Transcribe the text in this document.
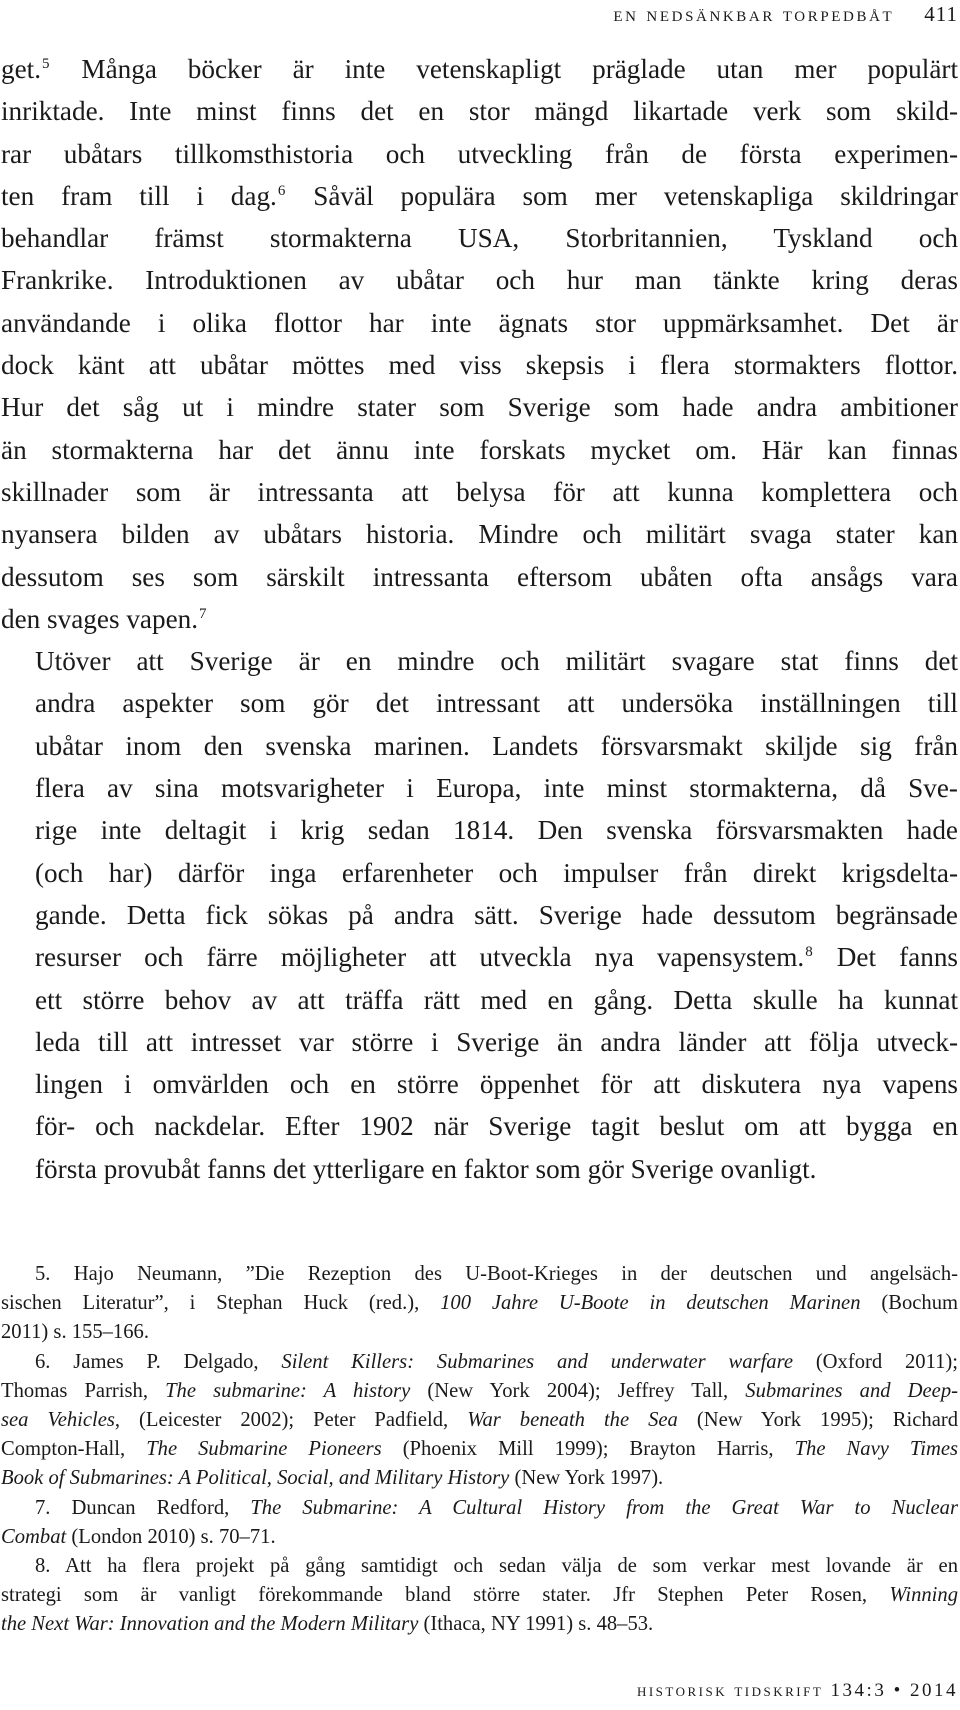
en nedsänkbar torpedbåt 411

get.$^5$ Många böcker är inte vetenskapligt präglade utan mer populärt
inriktade. Inte minst finns det en stor mängd likartade verk som skild-
rar ubåtars tillkomsthistoria och utveckling från de första experimen-
ten fram till i dag.$^6$ Såväl populära som mer vetenskapliga skildringar
behandlar främst stormakterna USA, Storbritannien, Tyskland och
Frankrike. Introduktionen av ubåtar och hur man tänkte kring deras
användande i olika flottor har inte ägnats stor uppmärksamhet. Det är
dock känt att ubåtar möttes med viss skepsis i flera stormakters flottor.
Hur det såg ut i mindre stater som Sverige som hade andra ambitioner
än stormakterna har det ännu inte forskats mycket om. Här kan finnas
skillnader som är intressanta att belysa för att kunna komplettera och
nyansera bilden av ubåtars historia. Mindre och militärt svaga stater kan
dessutom ses som särskilt intressanta eftersom ubåten ofta ansågs vara
den svages vapen.$^7$

Utöver att Sverige är en mindre och militärt svagare stat finns det
andra aspekter som gör det intressant att undersöka inställningen till
ubåtar inom den svenska marinen. Landets försvarsmakt skiljde sig från
flera av sina motsvarigheter i Europa, inte minst stormakterna, då Sve-
rige inte deltagit i krig sedan 1814. Den svenska försvarsmakten hade
(och har) därför inga erfarenheter och impulser från direkt krigsdelta-
gande. Detta fick sökas på andra sätt. Sverige hade dessutom begränsade
resurser och färre möjligheter att utveckla nya vapensystem.$^8$ Det fanns
ett större behov av att träffa rätt med en gång. Detta skulle ha kunnat
leda till att intresset var större i Sverige än andra länder att följa utveck-
lingen i omvärlden och en större öppenhet för att diskutera nya vapens
för- och nackdelar. Efter 1902 när Sverige tagit beslut om att bygga en
första provubåt fanns det ytterligare en faktor som gör Sverige ovanligt.

5. Hajo Neumann, ”Die Rezeption des U-Boot-Krieges in der deutschen und angelsäch-
sischen Literatur”, i Stephan Huck (red.), 100 Jahre U-Boote in deutschen Marinen (Bochum
2011) s. 155–166.
6. James P. Delgado, Silent Killers: Submarines and underwater warfare (Oxford 2011);
Thomas Parrish, The submarine: A history (New York 2004); Jeffrey Tall, Submarines and Deep-
sea Vehicles, (Leicester 2002); Peter Padfield, War beneath the Sea (New York 1995); Richard
Compton-Hall, The Submarine Pioneers (Phoenix Mill 1999); Brayton Harris, The Navy Times
Book of Submarines: A Political, Social, and Military History (New York 1997).
7. Duncan Redford, The Submarine: A Cultural History from the Great War to Nuclear
Combat (London 2010) s. 70–71.
8. Att ha flera projekt på gång samtidigt och sedan välja de som verkar mest lovande är en
strategi som är vanligt förekommande bland större stater. Jfr Stephen Peter Rosen, Winning
the Next War: Innovation and the Modern Military (Ithaca, NY 1991) s. 48–53.
historisk tidskrift 134:3 • 2014
